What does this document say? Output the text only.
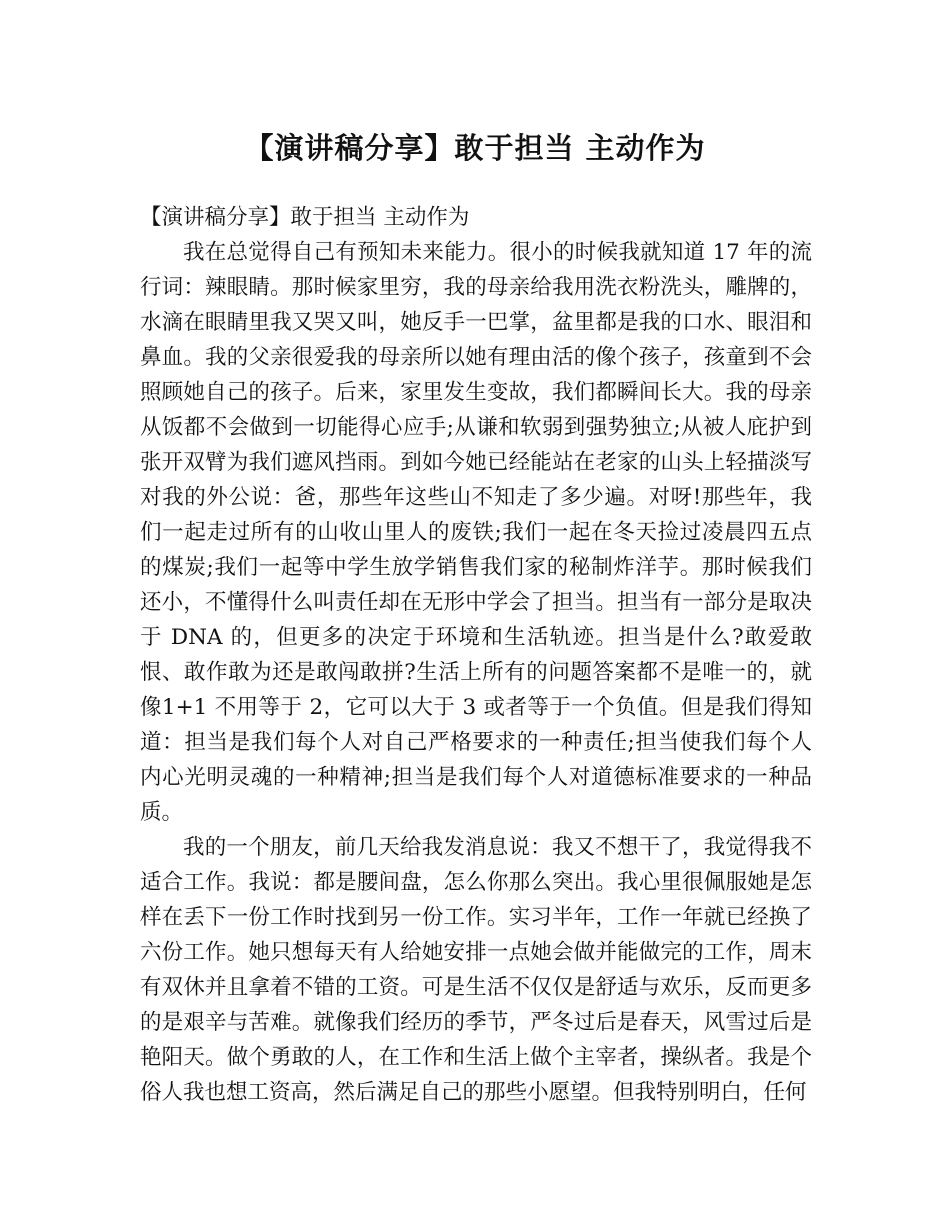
【演讲稿分享】敢于担当 主动作为

【演讲稿分享】敢于担当 主动作为

我在总觉得自己有预知未来能力。很小的时候我就知道 17 年的流行词：辣眼睛。那时候家里穷，我的母亲给我用洗衣粉洗头，雕牌的，水滴在眼睛里我又哭又叫，她反手一巴掌，盆里都是我的口水、眼泪和鼻血。我的父亲很爱我的母亲所以她有理由活的像个孩子，孩童到不会照顾她自己的孩子。后来，家里发生变故，我们都瞬间长大。我的母亲从饭都不会做到一切能得心应手;从谦和软弱到强势独立;从被人庇护到张开双臂为我们遮风挡雨。到如今她已经能站在老家的山头上轻描淡写对我的外公说：爸，那些年这些山不知走了多少遍。对呀!那些年，我们一起走过所有的山收山里人的废铁;我们一起在冬天捡过凌晨四五点的煤炭;我们一起等中学生放学销售我们家的秘制炸洋芋。那时候我们还小，不懂得什么叫责任却在无形中学会了担当。担当有一部分是取决于 DNA 的，但更多的决定于环境和生活轨迹。担当是什么?敢爱敢恨、敢作敢为还是敢闯敢拼?生活上所有的问题答案都不是唯一的，就像1+1 不用等于 2，它可以大于 3 或者等于一个负值。但是我们得知道：担当是我们每个人对自己严格要求的一种责任;担当使我们每个人内心光明灵魂的一种精神;担当是我们每个人对道德标准要求的一种品质。

我的一个朋友，前几天给我发消息说：我又不想干了，我觉得我不适合工作。我说：都是腰间盘，怎么你那么突出。我心里很佩服她是怎样在丢下一份工作时找到另一份工作。实习半年，工作一年就已经换了六份工作。她只想每天有人给她安排一点她会做并能做完的工作，周末有双休并且拿着不错的工资。可是生活不仅仅是舒适与欢乐，反而更多的是艰辛与苦难。就像我们经历的季节，严冬过后是春天，风雪过后是艳阳天。做个勇敢的人，在工作和生活上做个主宰者，操纵者。我是个俗人我也想工资高，然后满足自己的那些小愿望。但我特别明白，任何
